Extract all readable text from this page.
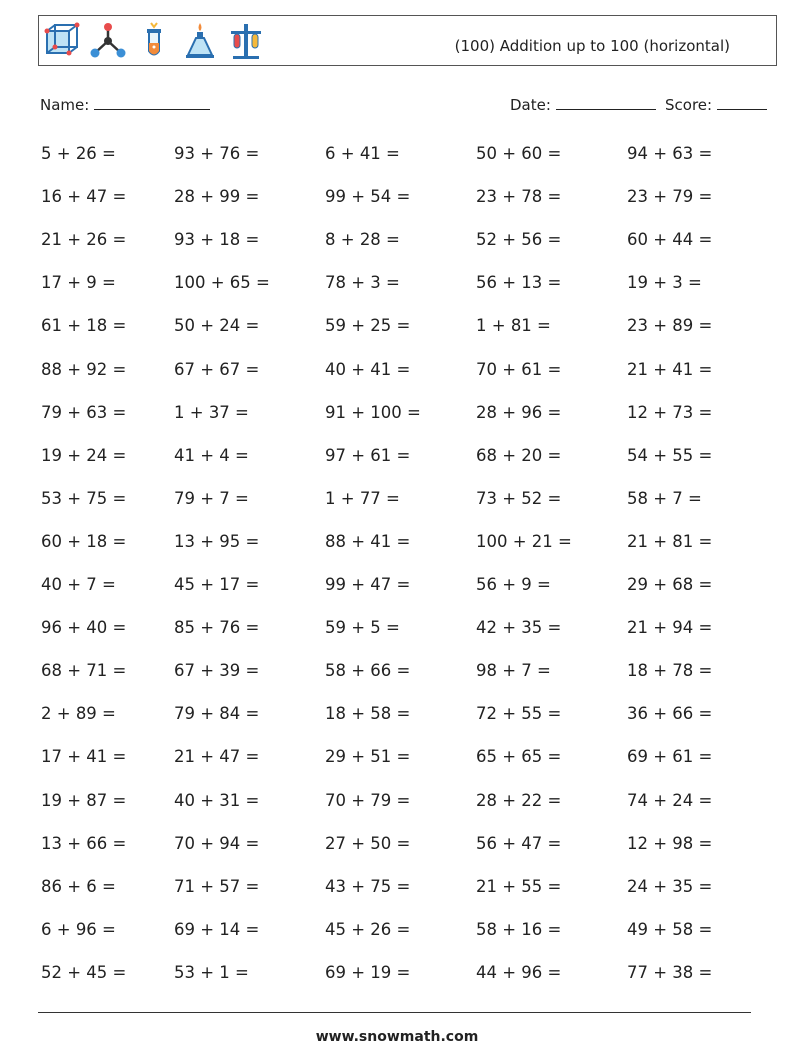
(100) Addition up to 100 (horizontal)
Name:	Date:	Score:
5 + 26 =	93 + 76 =	6 + 41 =	50 + 60 =	94 + 63 =
16 + 47 =	28 + 99 =	99 + 54 =	23 + 78 =	23 + 79 =
21 + 26 =	93 + 18 =	8 + 28 =	52 + 56 =	60 + 44 =
17 + 9 =	100 + 65 =	78 + 3 =	56 + 13 =	19 + 3 =
61 + 18 =	50 + 24 =	59 + 25 =	1 + 81 =	23 + 89 =
88 + 92 =	67 + 67 =	40 + 41 =	70 + 61 =	21 + 41 =
79 + 63 =	1 + 37 =	91 + 100 =	28 + 96 =	12 + 73 =
19 + 24 =	41 + 4 =	97 + 61 =	68 + 20 =	54 + 55 =
53 + 75 =	79 + 7 =	1 + 77 =	73 + 52 =	58 + 7 =
60 + 18 =	13 + 95 =	88 + 41 =	100 + 21 =	21 + 81 =
40 + 7 =	45 + 17 =	99 + 47 =	56 + 9 =	29 + 68 =
96 + 40 =	85 + 76 =	59 + 5 =	42 + 35 =	21 + 94 =
68 + 71 =	67 + 39 =	58 + 66 =	98 + 7 =	18 + 78 =
2 + 89 =	79 + 84 =	18 + 58 =	72 + 55 =	36 + 66 =
17 + 41 =	21 + 47 =	29 + 51 =	65 + 65 =	69 + 61 =
19 + 87 =	40 + 31 =	70 + 79 =	28 + 22 =	74 + 24 =
13 + 66 =	70 + 94 =	27 + 50 =	56 + 47 =	12 + 98 =
86 + 6 =	71 + 57 =	43 + 75 =	21 + 55 =	24 + 35 =
6 + 96 =	69 + 14 =	45 + 26 =	58 + 16 =	49 + 58 =
52 + 45 =	53 + 1 =	69 + 19 =	44 + 96 =	77 + 38 =
www.snowmath.com
